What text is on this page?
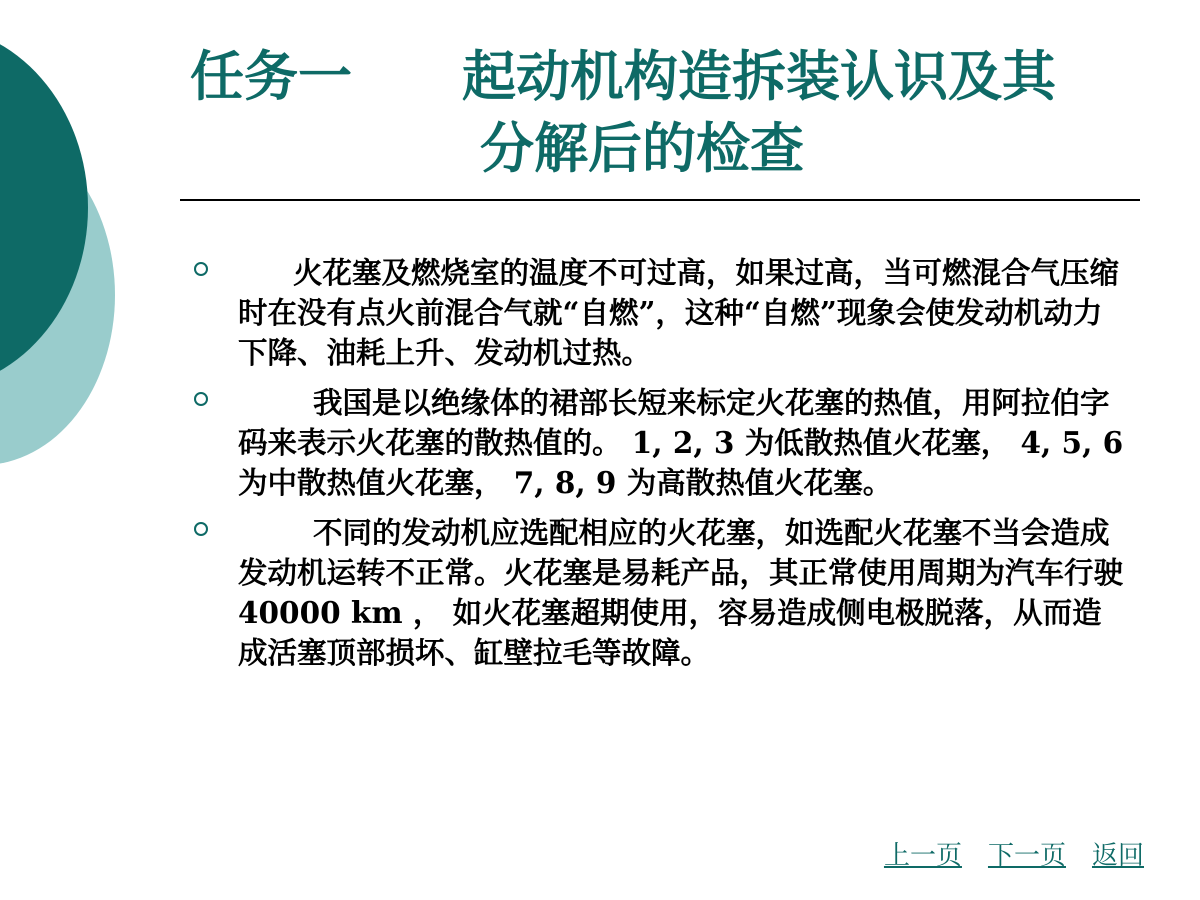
任务一	起动机构造拆装认识及其
分解后的检查
火花塞及燃烧室的温度不可过高，如果过高，当可燃混合气压缩时在没有点火前混合气就“自燃”，这种“自燃”现象会使发动机动力下降、油耗上升、发动机过热。
我国是以绝缘体的裙部长短来标定火花塞的热值，用阿拉伯字码来表示火花塞的散热值的。 1, 2, 3 为低散热值火花塞， 4, 5, 6 为中散热值火花塞， 7, 8, 9 为高散热值火花塞。
不同的发动机应选配相应的火花塞，如选配火花塞不当会造成发动机运转不正常。火花塞是易耗产品，其正常使用周期为汽车行驶 40000 km ， 如火花塞超期使用，容易造成侧电极脱落，从而造成活塞顶部损坏、缸壁拉毛等故障。
上一页 下一页 返回
